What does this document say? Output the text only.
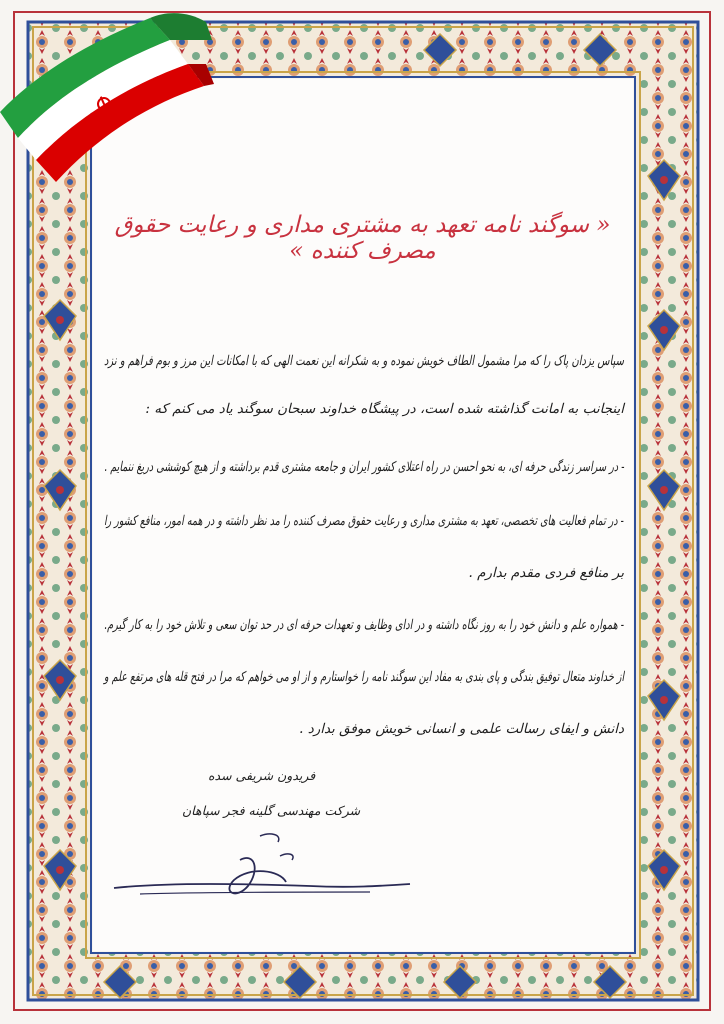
« سوگند نامه تعهد به مشتری مداری و رعایت حقوق مصرف کننده »
سپاس یزدان پاک را که مرا مشمول الطاف خویش نموده و به شکرانه این نعمت الهی که با امکانات این مرز و بوم فراهم و نزد
اینجانب به امانت گذاشته شده است، در پیشگاه خداوند سبحان سوگند یاد می کنم که :
- در سراسر زندگی حرفه ای، به نحو احسن در راه اعتلای کشور ایران و جامعه مشتری قدم برداشته و از هیچ کوششی دریغ ننمایم .
- در تمام فعالیت های تخصصی، تعهد به مشتری مداری و رعایت حقوق مصرف کننده را مد نظر داشته و در همه امور، منافع کشور را
بر منافع فردی مقدم بدارم .
- همواره علم و دانش خود را به روز نگاه داشته و در ادای وظایف و تعهدات حرفه ای در حد توان سعی و تلاش خود را به کار گیرم.
از خداوند متعال توفیق بندگی و پای بندی به مفاد این سوگند نامه را خواستارم و از او می خواهم که مرا در فتح قله های مرتفع علم و
دانش و ایفای رسالت علمی و انسانی خویش موفق بدارد .
فریدون شریفی سده
شرکت مهندسی گلینه فجر سپاهان
